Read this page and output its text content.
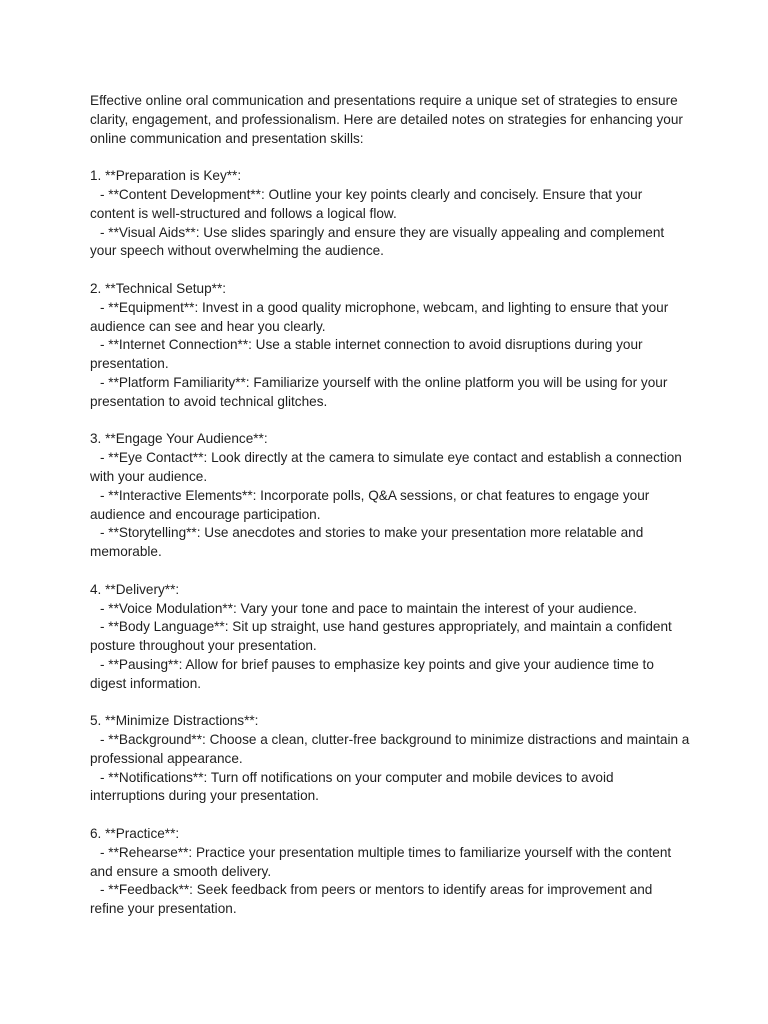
Effective online oral communication and presentations require a unique set of strategies to ensure clarity, engagement, and professionalism. Here are detailed notes on strategies for enhancing your online communication and presentation skills:

1. **Preparation is Key**:

- **Content Development**: Outline your key points clearly and concisely. Ensure that your content is well-structured and follows a logical flow.

- **Visual Aids**: Use slides sparingly and ensure they are visually appealing and complement your speech without overwhelming the audience.

2. **Technical Setup**:

- **Equipment**: Invest in a good quality microphone, webcam, and lighting to ensure that your audience can see and hear you clearly.

- **Internet Connection**: Use a stable internet connection to avoid disruptions during your presentation.

- **Platform Familiarity**: Familiarize yourself with the online platform you will be using for your presentation to avoid technical glitches.

3. **Engage Your Audience**:

- **Eye Contact**: Look directly at the camera to simulate eye contact and establish a connection with your audience.

- **Interactive Elements**: Incorporate polls, Q&A sessions, or chat features to engage your audience and encourage participation.

- **Storytelling**: Use anecdotes and stories to make your presentation more relatable and memorable.

4. **Delivery**:

- **Voice Modulation**: Vary your tone and pace to maintain the interest of your audience.

- **Body Language**: Sit up straight, use hand gestures appropriately, and maintain a confident posture throughout your presentation.

- **Pausing**: Allow for brief pauses to emphasize key points and give your audience time to digest information.

5. **Minimize Distractions**:

- **Background**: Choose a clean, clutter-free background to minimize distractions and maintain a professional appearance.

- **Notifications**: Turn off notifications on your computer and mobile devices to avoid interruptions during your presentation.

6. **Practice**:

- **Rehearse**: Practice your presentation multiple times to familiarize yourself with the content and ensure a smooth delivery.

- **Feedback**: Seek feedback from peers or mentors to identify areas for improvement and refine your presentation.
